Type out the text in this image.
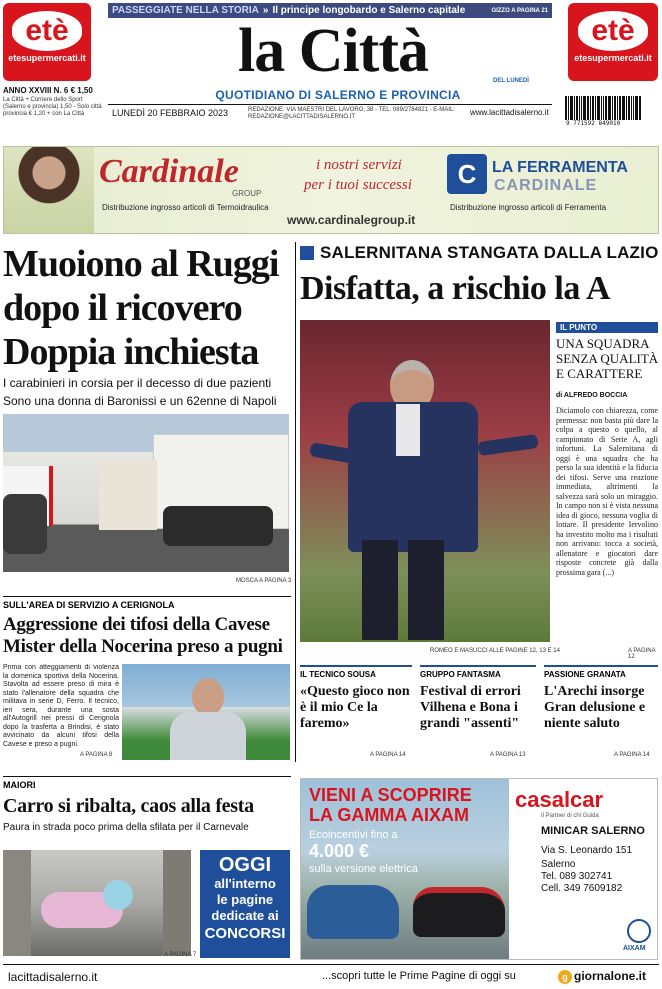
etè
etesupermercati.it
etè
etesupermercati.it
PASSEGGIATE NELLA STORIA » Il principe longobardo e Salerno capitale	GIZZO A PAGINA 21
la Città	DEL LUNEDÌ
QUOTIDIANO DI SALERNO E PROVINCIA
ANNO XXVIII N. 6 € 1,50
La Città + Corriere dello Sport (Salerno e provincia) 1,50 - Solo città provincia € 1,20 + con La Città	LUNEDÌ 20 FEBBRAIO 2023	REDAZIONE: VIA MAESTRI DEL LAVORO, 38 - TEL. 089/2784821 - E-MAIL: REDAZIONE@LACITTADISALERNO.IT	www.lacittadisalerno.it
9 771592 849010
Cardinale
GROUP
Distribuzione ingrosso articoli di Termoidraulica
i nostri servizi
per i tuoi successi
www.cardinalegroup.it
C LA FERRAMENTA
CARDINALE
Distribuzione ingrosso articoli di Ferramenta
Muoiono al Ruggi dopo il ricovero Doppia inchiesta
I carabinieri in corsia per il decesso di due pazienti
Sono una donna di Baronissi e un 62enne di Napoli
MOSCA A PAGINA 3
SALERNITANA STANGATA DALLA LAZIO
Disfatta, a rischio la A
ROMEO E MASUCCI ALLE PAGINE 12, 13 E 14	A PAGINA 12
IL PUNTO
UNA SQUADRA SENZA QUALITÀ E CARATTERE
di ALFREDO BOCCIA
Diciamolo con chiarezza, come premessa: non basta più dare la colpa a questo o quello, al campionato di Serie A, agli infortuni. La Salernitana di oggi è una squadra che ha perso la sua identità e la fiducia dei tifosi. Serve una reazione immediata, altrimenti la salvezza sarà solo un miraggio. In campo non si è vista nessuna idea di gioco, nessuna voglia di lottare. Il presidente Iervolino ha investito molto ma i risultati non arrivano: tocca a società, allenatore e giocatori dare risposte concrete già dalla prossima gara (...)
SULL'AREA DI SERVIZIO A CERIGNOLA
Aggressione dei tifosi della Cavese Mister della Nocerina preso a pugni
Prima con atteggiamenti di violenza la domenica sportiva della Nocerina. Stavolta ad essere preso di mira è stato l'allenatore della squadra che militava in serie D, Ferro. Il tecnico, ieri sera, durante una sosta all'Autogrill nei pressi di Cerignola dopo la trasferta a Brindisi, è stato avvicinato da alcuni tifosi della Cavese e preso a pugni.
A PAGINA 8
IL TECNICO SOUSA
«Questo gioco non è il mio Ce la faremo»
A PAGINA 14
GRUPPO FANTASMA
Festival di errori Vilhena e Bona i grandi "assenti"
A PAGINA 13
PASSIONE GRANATA
L'Arechi insorge Gran delusione e niente saluto
A PAGINA 14
MAIORI
Carro si ribalta, caos alla festa
Paura in strada poco prima della sfilata per il Carnevale
A PAGINA 7
OGGI
all'interno
le pagine
dedicate ai
CONCORSI
VIENI A SCOPRIRE
LA GAMMA AIXAM
Ecoincentivi fino a
4.000 €
sulla versione elettrica
casalcar
Il Partner di chi Guida
MINICAR SALERNO
Via S. Leonardo 151
Salerno
Tel. 089 302741
Cell. 349 7609182
AIXAM
lacittadisalerno.it	...scopri tutte le Prime Pagine di oggi su	g giornalone.it
